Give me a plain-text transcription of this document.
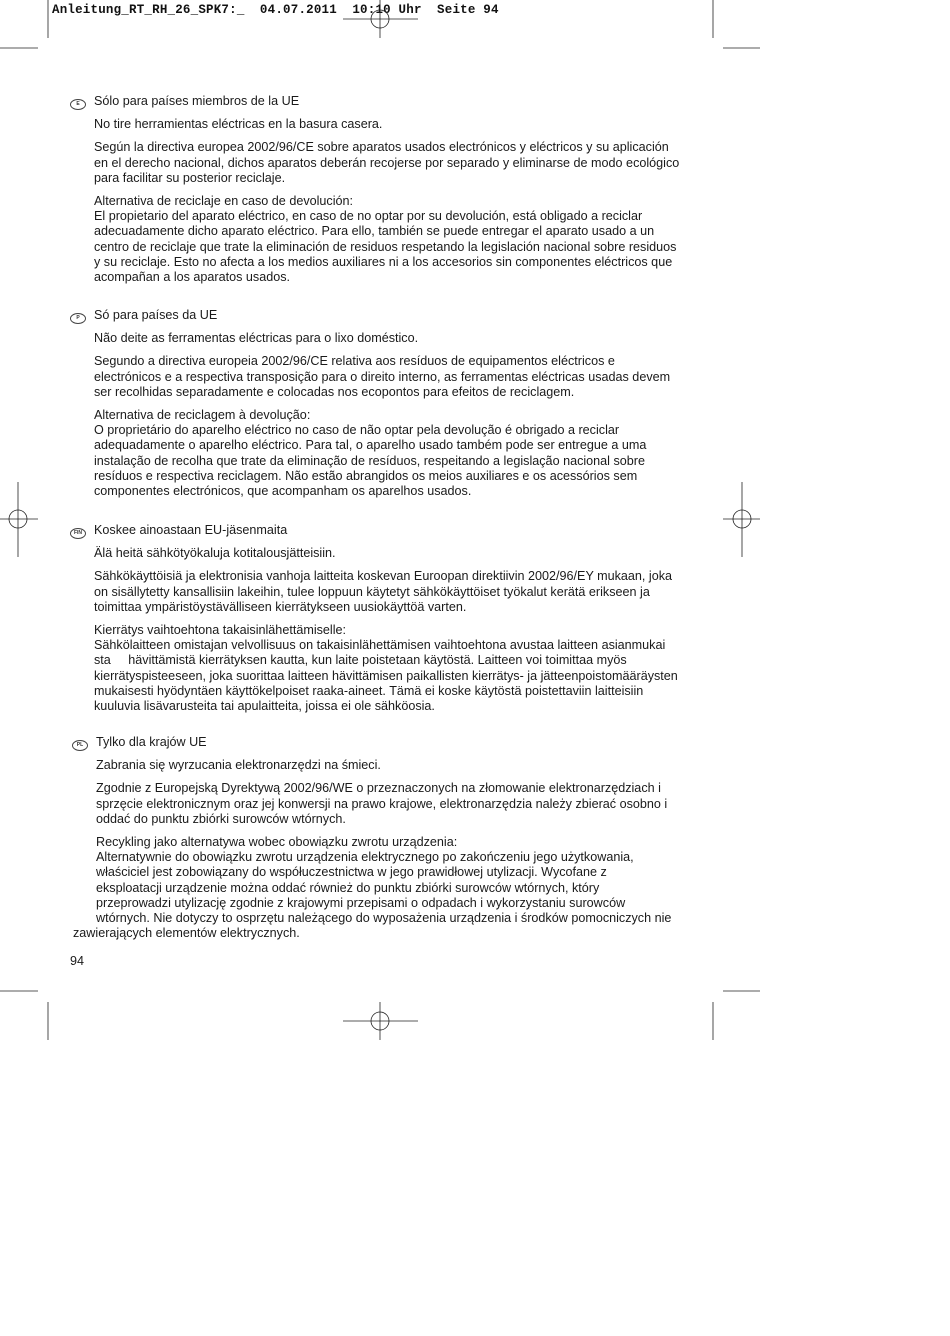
Anleitung_RT_RH_26_SPK7:_  04.07.2011  10:10 Uhr  Seite 94
E	Sólo para países miembros de la UE

No tire herramientas eléctricas en la basura casera.

Según la directiva europea 2002/96/CE sobre aparatos usados electrónicos y eléctricos y su aplicación
en el derecho nacional, dichos aparatos deberán recojerse por separado y eliminarse de modo ecológico
para facilitar su posterior reciclaje.

Alternativa de reciclaje en caso de devolución:
El propietario del aparato eléctrico, en caso de no optar por su devolución, está obligado a reciclar
adecuadamente dicho aparato eléctrico. Para ello, también se puede entregar el aparato usado a un
centro de reciclaje que trate la eliminación de residuos respetando la legislación nacional sobre residuos
y su reciclaje. Esto no afecta a los medios auxiliares ni a los accesorios sin componentes eléctricos que
acompañan a los aparatos usados.

P	Só para países da UE

Não deite as ferramentas eléctricas para o lixo doméstico.

Segundo a directiva europeia 2002/96/CE relativa aos resíduos de equipamentos eléctricos e
electrónicos e a respectiva transposição para o direito interno, as ferramentas eléctricas usadas devem
ser recolhidas separadamente e colocadas nos ecopontos para efeitos de reciclagem.

Alternativa de reciclagem à devolução:
O proprietário do aparelho eléctrico no caso de não optar pela devolução é obrigado a reciclar
adequadamente o aparelho eléctrico. Para tal, o aparelho usado também pode ser entregue a uma
instalação de recolha que trate da eliminação de resíduos, respeitando a legislação nacional sobre
resíduos e respectiva reciclagem. Não estão abrangidos os meios auxiliares e os acessórios sem
componentes electrónicos, que acompanham os aparelhos usados.

FIN Koskee ainoastaan EU-jäsenmaita

Älä heitä sähkötyökaluja kotitalousjätteisiin.

Sähkökäyttöisiä ja elektronisia vanhoja laitteita koskevan Euroopan direktiivin 2002/96/EY mukaan, joka
on sisällytetty kansallisiin lakeihin, tulee loppuun käytetyt sähkökäyttöiset työkalut kerätä erikseen ja
toimittaa ympäristöystävälliseen kierrätykseen uusiokäyttöä varten.

Kierrätys vaihtoehtona takaisinlähettämiselle:
Sähkölaitteen omistajan velvollisuus on takaisinlähettämisen vaihtoehtona avustaa laitteen asianmukai
sta     hävittämistä kierrätyksen kautta, kun laite poistetaan käytöstä. Laitteen voi toimittaa myös
kierrätyspisteeseen, joka suorittaa laitteen hävittämisen paikallisten kierrätys- ja jätteenpoistomääräysten
mukaisesti hyödyntäen käyttökelpoiset raaka-aineet. Tämä ei koske käytöstä poistettaviin laitteisiin
kuuluvia lisävarusteita tai apulaitteita, joissa ei ole sähköosia.

PL	Tylko dla krajów UE

Zabrania się wyrzucania elektronarzędzi na śmieci.

Zgodnie z Europejską Dyrektywą 2002/96/WE o przeznaczonych na złomowanie elektronarzędziach i
sprzęcie elektronicznym oraz jej konwersji na prawo krajowe, elektronarzędzia należy zbierać osobno i
oddać do punktu zbiórki surowców wtórnych.

Recykling jako alternatywa wobec obowiązku zwrotu urządzenia:
Alternatywnie do obowiązku zwrotu urządzenia elektrycznego po zakończeniu jego użytkowania,
właściciel jest zobowiązany do współuczestnictwa w jego prawidłowej utylizacji. Wycofane z
eksploatacji urządzenie można oddać również do punktu zbiórki surowców wtórnych, który
przeprowadzi utylizację zgodnie z krajowymi przepisami o odpadach i wykorzystaniu surowców
wtórnych. Nie dotyczy to osprzętu należącego do wyposażenia urządzenia i środków pomocniczych nie

zawierających elementów elektrycznych.
94
